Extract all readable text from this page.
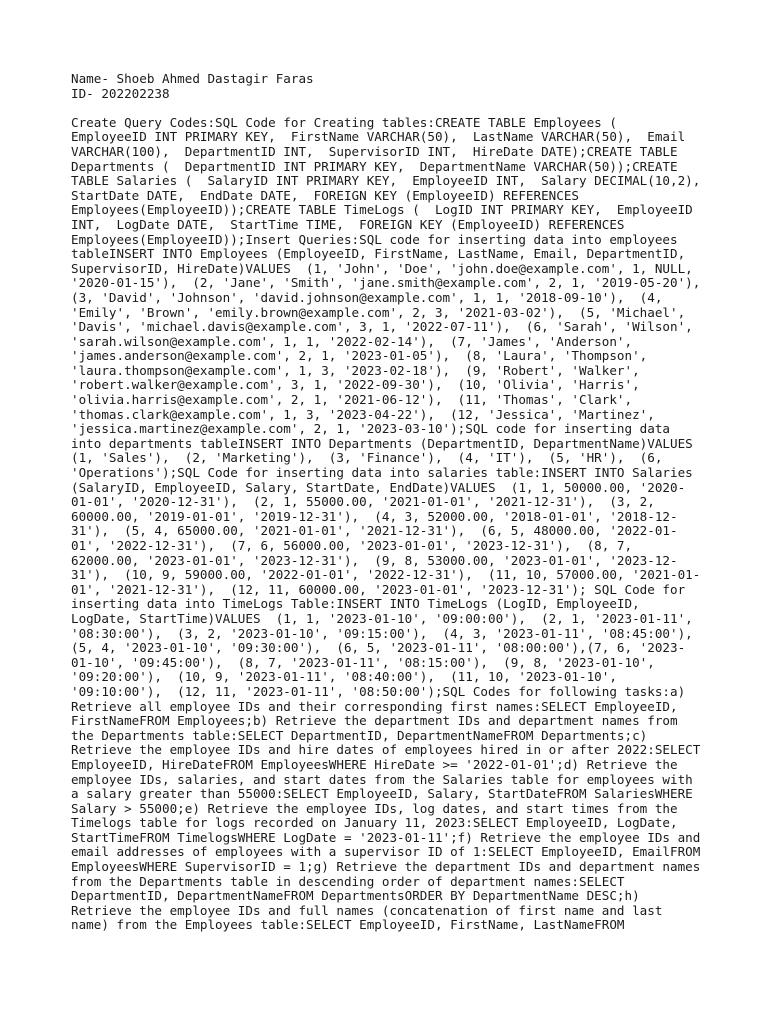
Name- Shoeb Ahmed Dastagir Faras
ID- 202202238
Create Query Codes:SQL Code for Creating tables:CREATE TABLE Employees (
EmployeeID INT PRIMARY KEY,  FirstName VARCHAR(50),  LastName VARCHAR(50),  Email
VARCHAR(100),  DepartmentID INT,  SupervisorID INT,  HireDate DATE);CREATE TABLE
Departments (  DepartmentID INT PRIMARY KEY,  DepartmentName VARCHAR(50));CREATE
TABLE Salaries (  SalaryID INT PRIMARY KEY,  EmployeeID INT,  Salary DECIMAL(10,2),
StartDate DATE,  EndDate DATE,  FOREIGN KEY (EmployeeID) REFERENCES
Employees(EmployeeID));CREATE TABLE TimeLogs (  LogID INT PRIMARY KEY,  EmployeeID
INT,  LogDate DATE,  StartTime TIME,  FOREIGN KEY (EmployeeID) REFERENCES
Employees(EmployeeID));Insert Queries:SQL code for inserting data into employees
tableINSERT INTO Employees (EmployeeID, FirstName, LastName, Email, DepartmentID,
SupervisorID, HireDate)VALUES  (1, 'John', 'Doe', 'john.doe@example.com', 1, NULL,
'2020-01-15'),  (2, 'Jane', 'Smith', 'jane.smith@example.com', 2, 1, '2019-05-20'),
(3, 'David', 'Johnson', 'david.johnson@example.com', 1, 1, '2018-09-10'),  (4,
'Emily', 'Brown', 'emily.brown@example.com', 2, 3, '2021-03-02'),  (5, 'Michael',
'Davis', 'michael.davis@example.com', 3, 1, '2022-07-11'),  (6, 'Sarah', 'Wilson',
'sarah.wilson@example.com', 1, 1, '2022-02-14'),  (7, 'James', 'Anderson',
'james.anderson@example.com', 2, 1, '2023-01-05'),  (8, 'Laura', 'Thompson',
'laura.thompson@example.com', 1, 3, '2023-02-18'),  (9, 'Robert', 'Walker',
'robert.walker@example.com', 3, 1, '2022-09-30'),  (10, 'Olivia', 'Harris',
'olivia.harris@example.com', 2, 1, '2021-06-12'),  (11, 'Thomas', 'Clark',
'thomas.clark@example.com', 1, 3, '2023-04-22'),  (12, 'Jessica', 'Martinez',
'jessica.martinez@example.com', 2, 1, '2023-03-10');SQL code for inserting data
into departments tableINSERT INTO Departments (DepartmentID, DepartmentName)VALUES
(1, 'Sales'),  (2, 'Marketing'),  (3, 'Finance'),  (4, 'IT'),  (5, 'HR'),  (6,
'Operations');SQL Code for inserting data into salaries table:INSERT INTO Salaries
(SalaryID, EmployeeID, Salary, StartDate, EndDate)VALUES  (1, 1, 50000.00, '2020-
01-01', '2020-12-31'),  (2, 1, 55000.00, '2021-01-01', '2021-12-31'),  (3, 2,
60000.00, '2019-01-01', '2019-12-31'),  (4, 3, 52000.00, '2018-01-01', '2018-12-
31'),  (5, 4, 65000.00, '2021-01-01', '2021-12-31'),  (6, 5, 48000.00, '2022-01-
01', '2022-12-31'),  (7, 6, 56000.00, '2023-01-01', '2023-12-31'),  (8, 7,
62000.00, '2023-01-01', '2023-12-31'),  (9, 8, 53000.00, '2023-01-01', '2023-12-
31'),  (10, 9, 59000.00, '2022-01-01', '2022-12-31'),  (11, 10, 57000.00, '2021-01-
01', '2021-12-31'),  (12, 11, 60000.00, '2023-01-01', '2023-12-31'); SQL Code for
inserting data into TimeLogs Table:INSERT INTO TimeLogs (LogID, EmployeeID,
LogDate, StartTime)VALUES  (1, 1, '2023-01-10', '09:00:00'),  (2, 1, '2023-01-11',
'08:30:00'),  (3, 2, '2023-01-10', '09:15:00'),  (4, 3, '2023-01-11', '08:45:00'),
(5, 4, '2023-01-10', '09:30:00'),  (6, 5, '2023-01-11', '08:00:00'),(7, 6, '2023-
01-10', '09:45:00'),  (8, 7, '2023-01-11', '08:15:00'),  (9, 8, '2023-01-10',
'09:20:00'),  (10, 9, '2023-01-11', '08:40:00'),  (11, 10, '2023-01-10',
'09:10:00'),  (12, 11, '2023-01-11', '08:50:00');SQL Codes for following tasks:a)
Retrieve all employee IDs and their corresponding first names:SELECT EmployeeID,
FirstNameFROM Employees;b) Retrieve the department IDs and department names from
the Departments table:SELECT DepartmentID, DepartmentNameFROM Departments;c)
Retrieve the employee IDs and hire dates of employees hired in or after 2022:SELECT
EmployeeID, HireDateFROM EmployeesWHERE HireDate >= '2022-01-01';d) Retrieve the
employee IDs, salaries, and start dates from the Salaries table for employees with
a salary greater than 55000:SELECT EmployeeID, Salary, StartDateFROM SalariesWHERE
Salary > 55000;e) Retrieve the employee IDs, log dates, and start times from the
Timelogs table for logs recorded on January 11, 2023:SELECT EmployeeID, LogDate,
StartTimeFROM TimelogsWHERE LogDate = '2023-01-11';f) Retrieve the employee IDs and
email addresses of employees with a supervisor ID of 1:SELECT EmployeeID, EmailFROM
EmployeesWHERE SupervisorID = 1;g) Retrieve the department IDs and department names
from the Departments table in descending order of department names:SELECT
DepartmentID, DepartmentNameFROM DepartmentsORDER BY DepartmentName DESC;h)
Retrieve the employee IDs and full names (concatenation of first name and last
name) from the Employees table:SELECT EmployeeID, FirstName, LastNameFROM
